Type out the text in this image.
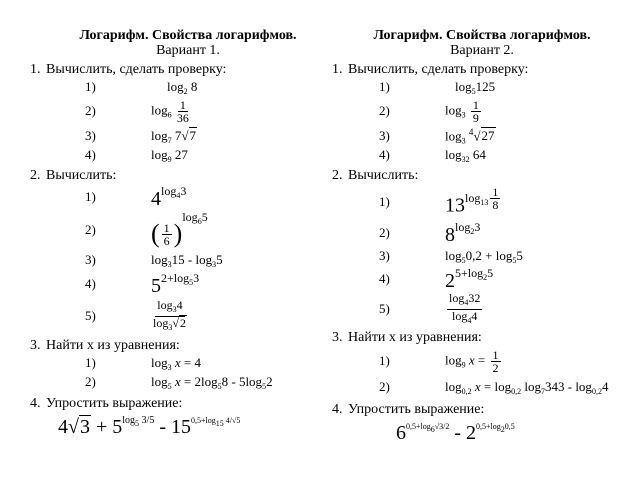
Логарифм. Свойства логарифмов.
Вариант 1.
1. Вычислить, сделать проверку:
1)	$\log_2 8$
2)	$\log_6 \frac{1}{36}$
3)	$\log_7 7√7$
4)	$\log_9 27$
2. Вычислить:
1)	$4^{log_43}$
2)	( $\frac{1}{6} )^{log_65}$
3)	$\log_315 - \log_35$
4)	$5^{2+log_53}$
5)	$\frac{\log_34}{\log_3√2}$
3. Найти x из уравнения:
1)	$\log_3 x = 4$
2)	$\log_5 x = 2\log_58 - 5\log_52$
4. Упростить выражение:
$4√3 + 5^{log_5 3/5} - 15^{0,5+log_{15} 4/√5}$
Логарифм. Свойства логарифмов.
Вариант 2.
1. Вычислить, сделать проверку:
1)	$\log_5125$
2)	$\log_3 \frac{1}{9}$
3)	$\log_3 ^4√27$
4)	$\log_{32} 64$
2. Вычислить:
1)	$13^{log_{13} \frac{1}{8}}$
2)	$8^{log_23}$
3)	$\log_50,2 + \log_55$
4)	$2^{5+log_25}$
5)	$\frac{\log_432}{\log_44}$
3. Найти x из уравнения:
1)	$\log_9 x = \frac{1}{2}$
2)	$\log_{0,2} x = \log_{0,2} \log_7343 - \log_{0,2}4$
4. Упростить выражение:
$6^{0,5+log_6√3/2} - 2^{0,5+log_20,5}$
